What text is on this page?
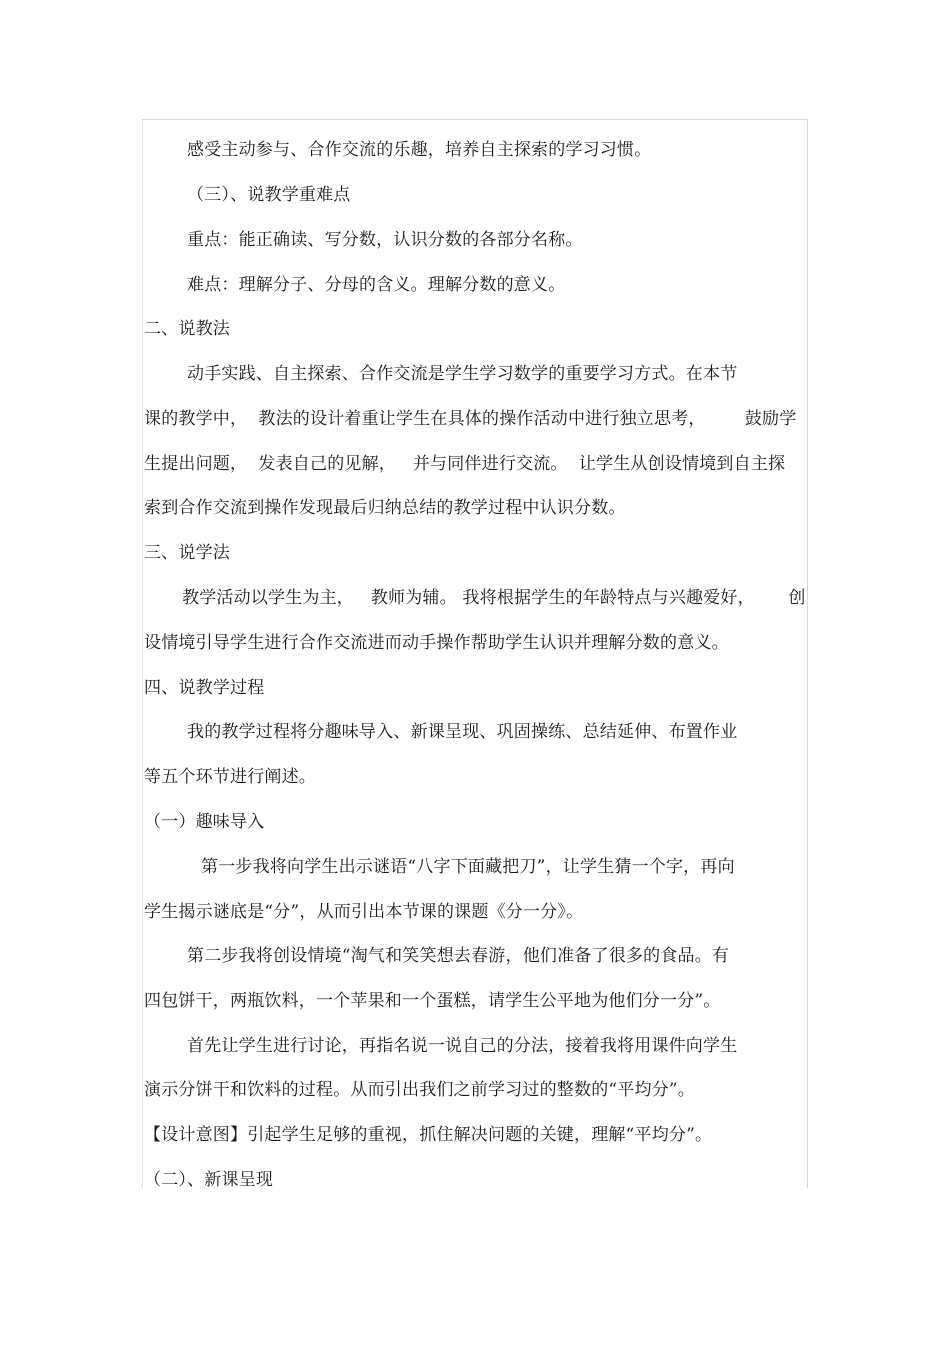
感受主动参与、合作交流的乐趣，培养自主探索的学习习惯。
（三）、说教学重难点
重点：能正确读、写分数，认识分数的各部分名称。
难点：理解分子、分母的含义。理解分数的意义。
二、说教法
动手实践、自主探索、合作交流是学生学习数学的重要学习方式。在本节
课的教学中，  教法的设计着重让学生在具体的操作活动中进行独立思考，       鼓励学
生提出问题，  发表自己的见解，   并与同伴进行交流。  让学生从创设情境到自主探
索到合作交流到操作发现最后归纳总结的教学过程中认识分数。
三、说学法
教学活动以学生为主，   教师为辅。 我将根据学生的年龄特点与兴趣爱好，      创
设情境引导学生进行合作交流进而动手操作帮助学生认识并理解分数的意义。
四、说教学过程
我的教学过程将分趣味导入、新课呈现、巩固操练、总结延伸、布置作业
等五个环节进行阐述。
（一）趣味导入
第一步我将向学生出示谜语“八字下面藏把刀”，让学生猜一个字，再向
学生揭示谜底是“分”，从而引出本节课的课题《分一分》。
第二步我将创设情境“淘气和笑笑想去春游，他们准备了很多的食品。有
四包饼干，两瓶饮料，一个苹果和一个蛋糕，请学生公平地为他们分一分”。
首先让学生进行讨论，再指名说一说自己的分法，接着我将用课件向学生
演示分饼干和饮料的过程。从而引出我们之前学习过的整数的“平均分”。
【设计意图】引起学生足够的重视，抓住解决问题的关键，理解“平均分”。
（二）、新课呈现
